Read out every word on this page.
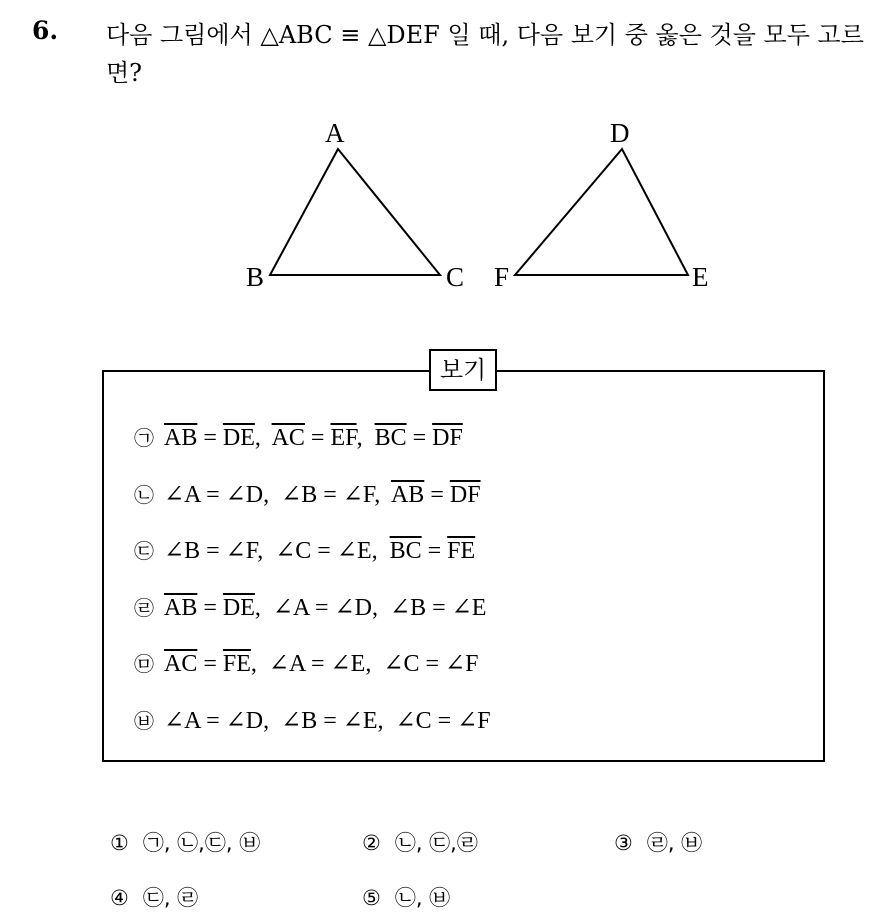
6. 다음 그림에서 △ABC ≡ △DEF 일 때, 다음 보기 중 옳은 것을 모두 고르면?
A
B	C
D
F	E
보기
㉠ $\overline{AB} = \overline{DE}$,  $\overline{AC} = \overline{EF}$,  $\overline{BC} = \overline{DF}$
㉡ ∠A = ∠D,  ∠B = ∠F,  $\overline{AB} = \overline{DF}$
㉢ ∠B = ∠F,  ∠C = ∠E,  $\overline{BC} = \overline{FE}$
㉣ $\overline{AB} = \overline{DE}$,  ∠A = ∠D,  ∠B = ∠E
㉤ $\overline{AC} = \overline{FE}$,  ∠A = ∠E,  ∠C = ∠F
㉥ ∠A = ∠D,  ∠B = ∠E,  ∠C = ∠F
① ㉠, ㉡,㉢, ㉥	② ㉡, ㉢,㉣	③ ㉣, ㉥
④ ㉢, ㉣	⑤ ㉡, ㉥
